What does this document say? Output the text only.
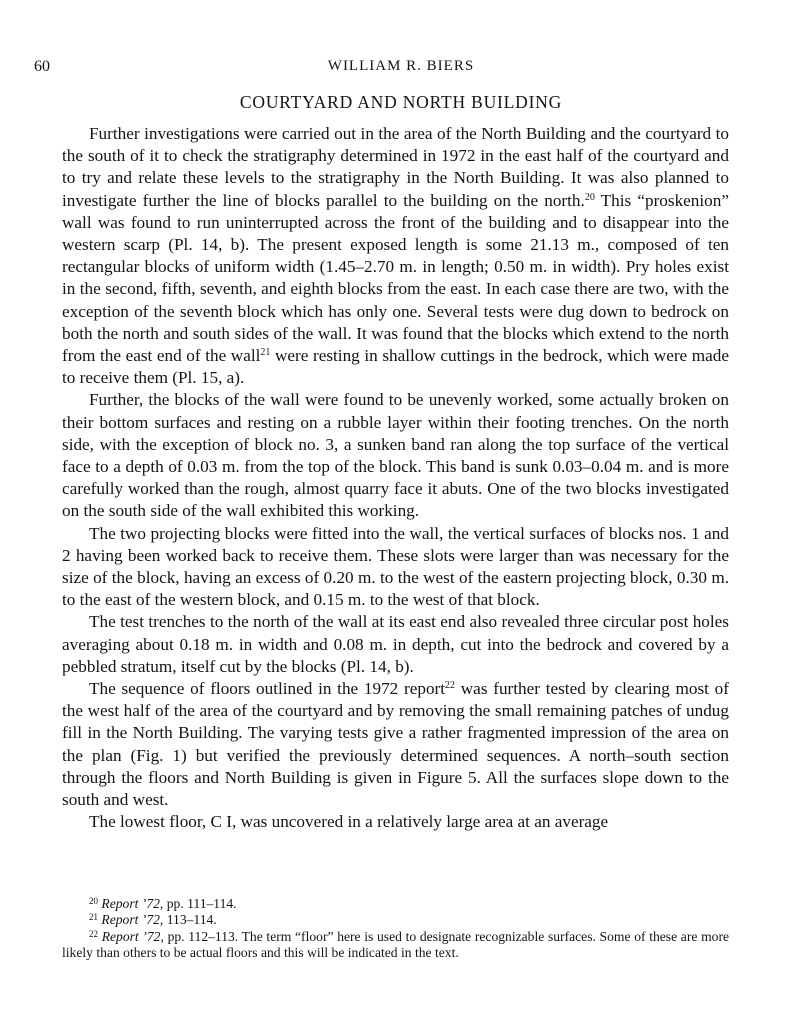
60	WILLIAM R. BIERS
COURTYARD AND NORTH BUILDING

Further investigations were carried out in the area of the North Building and the courtyard to the south of it to check the stratigraphy determined in 1972 in the east half of the courtyard and to try and relate these levels to the stratigraphy in the North Building. It was also planned to investigate further the line of blocks parallel to the building on the north.$^{20}$ This “proskenion” wall was found to run uninterrupted across the front of the building and to disappear into the western scarp (Pl. 14, b). The present exposed length is some 21.13 m., composed of ten rectangular blocks of uniform width (1.45–2.70 m. in length; 0.50 m. in width). Pry holes exist in the second, fifth, seventh, and eighth blocks from the east. In each case there are two, with the exception of the seventh block which has only one. Several tests were dug down to bedrock on both the north and south sides of the wall. It was found that the blocks which extend to the north from the east end of the wall$^{21}$ were resting in shallow cuttings in the bedrock, which were made to receive them (Pl. 15, a).

Further, the blocks of the wall were found to be unevenly worked, some actually broken on their bottom surfaces and resting on a rubble layer within their footing trenches. On the north side, with the exception of block no. 3, a sunken band ran along the top surface of the vertical face to a depth of 0.03 m. from the top of the block. This band is sunk 0.03–0.04 m. and is more carefully worked than the rough, almost quarry face it abuts. One of the two blocks investigated on the south side of the wall exhibited this working.

The two projecting blocks were fitted into the wall, the vertical surfaces of blocks nos. 1 and 2 having been worked back to receive them. These slots were larger than was necessary for the size of the block, having an excess of 0.20 m. to the west of the eastern projecting block, 0.30 m. to the east of the western block, and 0.15 m. to the west of that block.

The test trenches to the north of the wall at its east end also revealed three circular post holes averaging about 0.18 m. in width and 0.08 m. in depth, cut into the bedrock and covered by a pebbled stratum, itself cut by the blocks (Pl. 14, b).

The sequence of floors outlined in the 1972 report$^{22}$ was further tested by clearing most of the west half of the area of the courtyard and by removing the small remaining patches of undug fill in the North Building. The varying tests give a rather fragmented impression of the area on the plan (Fig. 1) but verified the previously determined sequences. A north–south section through the floors and North Building is given in Figure 5. All the surfaces slope down to the south and west.

The lowest floor, C I, was uncovered in a relatively large area at an average

$^{20}$ Report ’72, pp. 111–114.

$^{21}$ Report ’72, 113–114.

$^{22}$ Report ’72, pp. 112–113. The term “floor” here is used to designate recognizable surfaces. Some of these are more likely than others to be actual floors and this will be indicated in the text.
